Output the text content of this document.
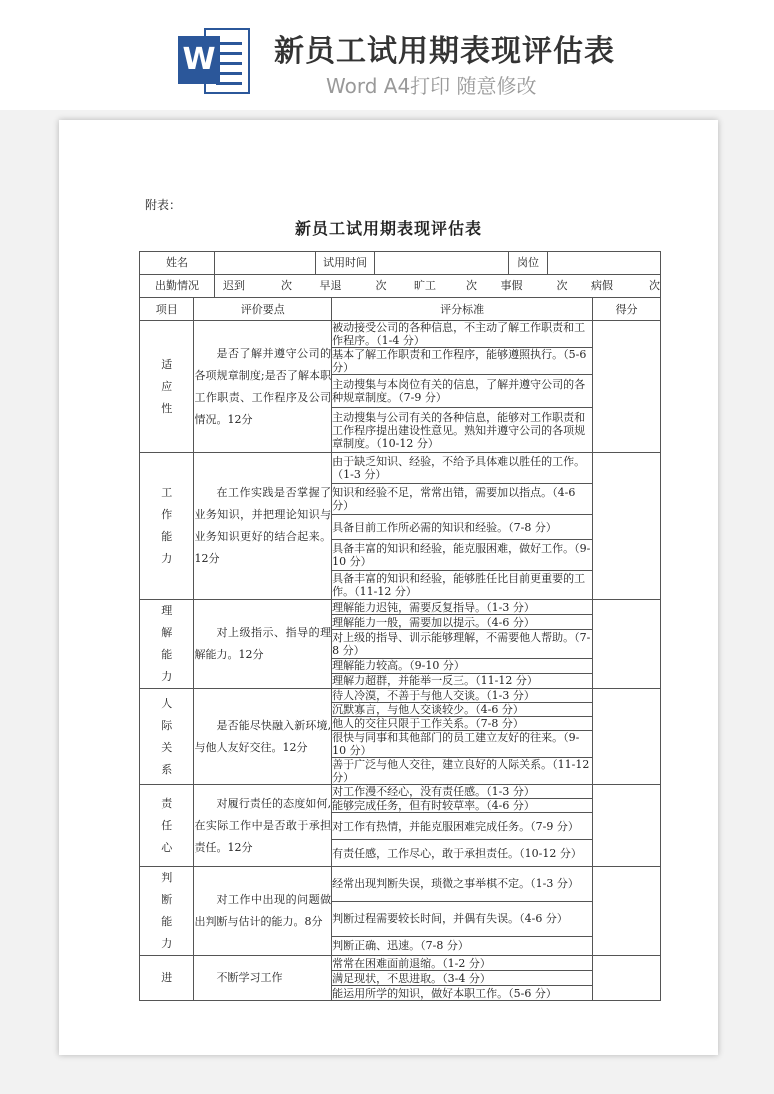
W 新员工试用期表现评估表
Word A4打印 随意修改
附表：
新员工试用期表现评估表
姓名 试用时间 岗位			

出勤情况 迟到 次 早退 次 旷工 次 事假 次 病假 次			

项目	评价要点	评分标准	得分
适应性	是否了解并遵守公司的各项规章制度;是否了解本职工作职责、工作程序及公司情况。12分	被动接受公司的各种信息，不主动了解工作职责和工作程序。（1-4 分）	
		基本了解工作职责和工作程序，能够遵照执行。（5-6 分）	
		主动搜集与本岗位有关的信息，了解并遵守公司的各种规章制度。（7-9 分）	
		主动搜集与公司有关的各种信息，能够对工作职责和工作程序提出建设性意见。熟知并遵守公司的各项规章制度。（10-12 分）	
工作能力	在工作实践是否掌握了业务知识，并把理论知识与业务知识更好的结合起来。12分	由于缺乏知识、经验，不给予具体难以胜任的工作。（1-3 分）	
		知识和经验不足，常常出错，需要加以指点。（4-6 分）	
		具备目前工作所必需的知识和经验。（7-8 分）	
		具备丰富的知识和经验，能克服困难，做好工作。（9-10 分）	
		具备丰富的知识和经验，能够胜任比目前更重要的工作。（11-12 分）	
理解能力	对上级指示、指导的理解能力。12分	理解能力迟钝，需要反复指导。（1-3 分）	
		理解能力一般，需要加以提示。（4-6 分）	
		对上级的指导、训示能够理解，不需要他人帮助。（7-8 分）	
		理解能力较高。（9-10 分）	
		理解力超群，并能举一反三。（11-12 分）	
人际关系	是否能尽快融入新环境,与他人友好交往。12分	待人冷漠，不善于与他人交谈。（1-3 分）	
		沉默寡言，与他人交谈较少。（4-6 分）	
		他人的交往只限于工作关系。（7-8 分）	
		很快与同事和其他部门的员工建立友好的往来。（9-10 分）	
		善于广泛与他人交往，建立良好的人际关系。（11-12 分）	
责任心	对履行责任的态度如何,在实际工作中是否敢于承担责任。12分	对工作漫不经心，没有责任感。（1-3 分）	
		能够完成任务，但有时较草率。（4-6 分）	
		对工作有热情，并能克服困难完成任务。（7-9 分）	
		有责任感，工作尽心，敢于承担责任。（10-12 分）	
判断能力	对工作中出现的问题做出判断与估计的能力。8分	经常出现判断失误，琐微之事举棋不定。（1-3 分）	
		判断过程需要较长时间，并偶有失误。（4-6 分）	
		判断正确、迅速。（7-8 分）	
进	不断学习工作	常常在困难面前退缩。（1-2 分）	
		满足现状，不思进取。（3-4 分）	
		能运用所学的知识，做好本职工作。（5-6 分）	
